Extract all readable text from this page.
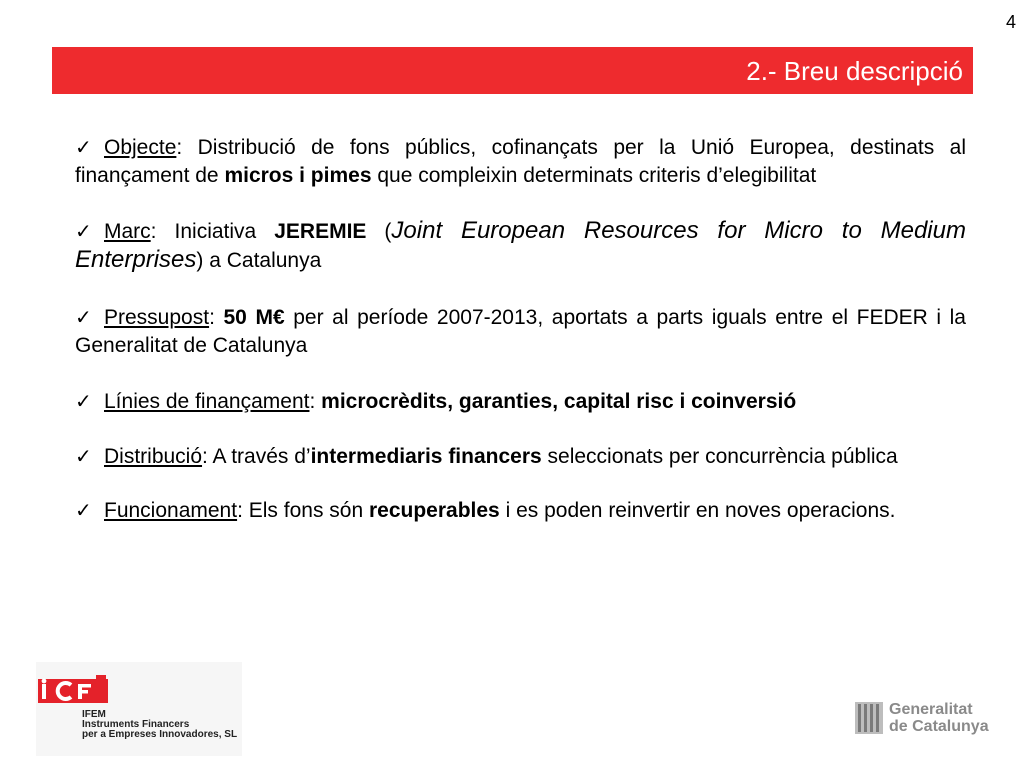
4
2.- Breu descripció

✓ Objecte: Distribució de fons públics, cofinançats per la Unió Europea, destinats al finançament de micros i pimes que compleixin determinats criteris d’elegibilitat

✓ Marc: Iniciativa JEREMIE (Joint European Resources for Micro to Medium Enterprises) a Catalunya

✓ Pressupost: 50 M€ per al període 2007-2013, aportats a parts iguals entre el FEDER i la Generalitat de Catalunya

✓ Línies de finançament: microcrèdits, garanties, capital risc i coinversió

✓ Distribució: A través d’intermediaris financers seleccionats per concurrència pública

✓ Funcionament: Els fons són recuperables i es poden reinvertir en noves operacions.

IFEM
Instruments Financers
per a Empreses Innovadores, SL
Generalitat
de Catalunya
